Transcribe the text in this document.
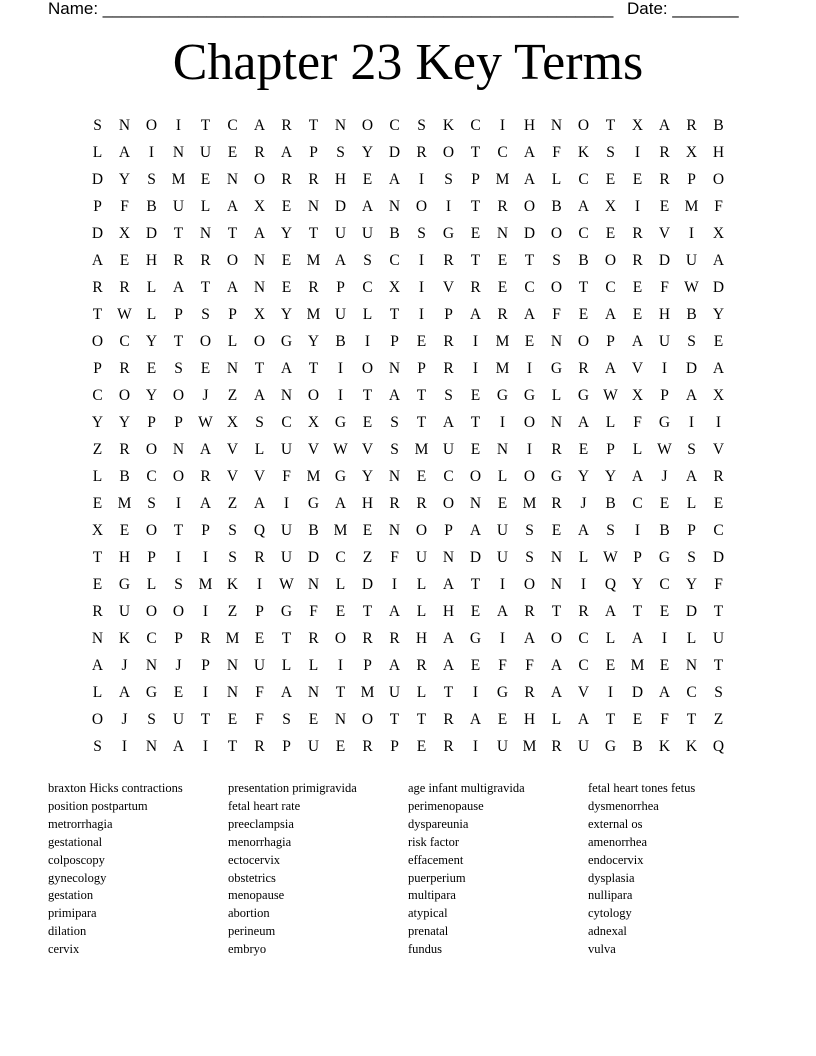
Name: ______________________________________________________ Date: _______
Chapter 23 Key Terms
S	N	O	I	T	C	A	R	T	N	O	C	S	K	C	I	H	N	O	T	X	A	R	B
L	A	I	N	U	E	R	A	P	S	Y	D	R	O	T	C	A	F	K	S	I	R	X	H
D	Y	S	M E	N	O	R	R	H	E	A	I	S	P	M A	L	C	E	E	R	P	O
P	F	B	U	L	A	X	E	N	D	A	N	O	I	T	R	O	B	A	X	I	E M	F
D	X	D	T	N	T	A	Y	T	U	U	B	S	G	E	N	D	O	C	E	R	V	I	X
A	E	H	R	R	O	N	E M A	S	C	I	R	T	E	T	S	B	O	R	D	U	A
R	R	L	A	T	A	N	E	R	P	C	X	I	V	R	E	C	O	T	C	E	F W D
T W L	P	S	P	X	Y M U	L	T	I	P	A	R	A	F	E	A	E	H	B	Y
O	C	Y	T	O	L	O	G	Y	B	I	P	E	R	I	M E	N	O	P	A	U	S	E
P	R	E	S	E	N	T	A	T	I	O	N	P	R	I	M	I	G	R	A	V	I	D	A
C	O	Y	O	J	Z	A	N	O	I	T	A	T	S	E	G	G	L	G W X	P	A	X
Y	Y	P	P W X	S	C	X	G	E	S	T	A	T	I	O	N	A	L	F	G	I	I
Z	R	O	N	A	V	L	U	V W V	S	M U	E	N	I	R	E	P	L W S	V
L	B	C	O	R	V	V	F	M G	Y	N	E	C	O	L	O	G	Y	Y	A	J	A	R
E M	S	I	A	Z	A	I	G	A	H	R	R	O	N	E M R	J	B	C	E	L	E
X	E	O	T	P	S	Q	U	B M E	N	O	P	A	U	S	E	A	S	I	B	P	C
T	H	P	I	I	S	R	U	D	C	Z	F	U	N	D	U	S	N	L W P	G	S	D
E	G	L	S	M K	I	W N	L	D	I	L	A	T	I	O	N	I	Q	Y	C	Y	F
R	U	O	O	I	Z	P	G	F	E	T	A	L	H	E	A	R	T	R	A	T	E	D	T
N	K	C	P	R M E	T	R	O	R	R	H	A	G	I	A	O	C	L	A	I	L	U
A	J	N	J	P	N	U	L	L	I	P	A	R	A	E	F	F	A	C	E M E	N	T
L	A	G	E	I	N	F	A	N	T M U	L	T	I	G	R	A	V	I	D	A	C	S
O	J	S	U	T	E	F	S	E	N	O	T	T	R	A	E	H	L	A	T	E	F	T	Z
S	I	N	A	I	T	R	P	U	E	R	P	E	R	I	U M R	U	G	B	K	K	Q
braxton Hicks contractions
position postpartum
metrorrhagia
gestational
colposcopy
gynecology
gestation
primipara
dilation
cervix
presentation primigravida
fetal heart rate
preeclampsia
menorrhagia
ectocervix
obstetrics
menopause
abortion
perineum
embryo
age infant multigravida
perimenopause
dyspareunia
risk factor
effacement
puerperium
multipara
atypical
prenatal
fundus
fetal heart tones fetus
dysmenorrhea
external os
amenorrhea
endocervix
dysplasia
nullipara
cytology
adnexal
vulva
